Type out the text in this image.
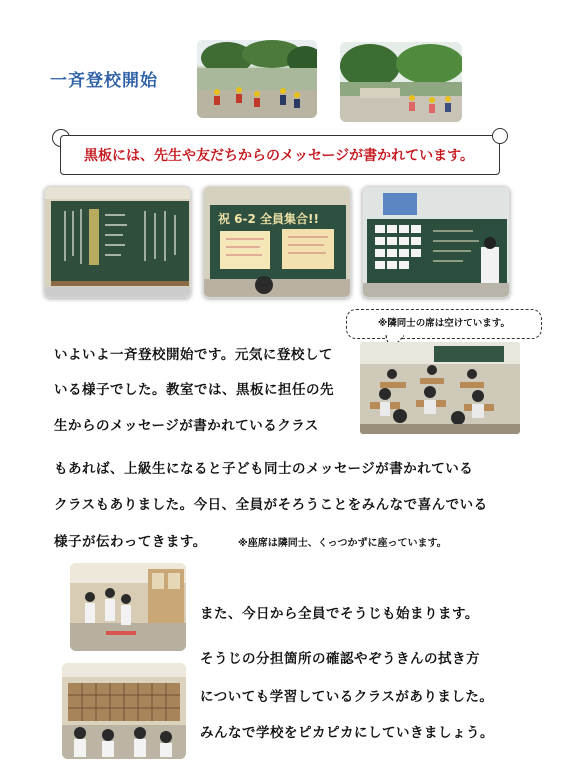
一斉登校開始
黒板には、先生や友だちからのメッセージが書かれています。
祝 6-2 全員集合!!
※隣同士の席は空けています。
いよいよ一斉登校開始です。元気に登校して
いる様子でした。教室では、黒板に担任の先
生からのメッセージが書かれているクラス
もあれば、上級生になると子ども同士のメッセージが書かれている
クラスもありました。今日、全員がそろうことをみんなで喜んでいる
様子が伝わってきます。	※座席は隣同士、くっつかずに座っています。
また、今日から全員でそうじも始まります。
そうじの分担箇所の確認やぞうきんの拭き方
についても学習しているクラスがありました。
みんなで学校をピカピカにしていきましょう。
